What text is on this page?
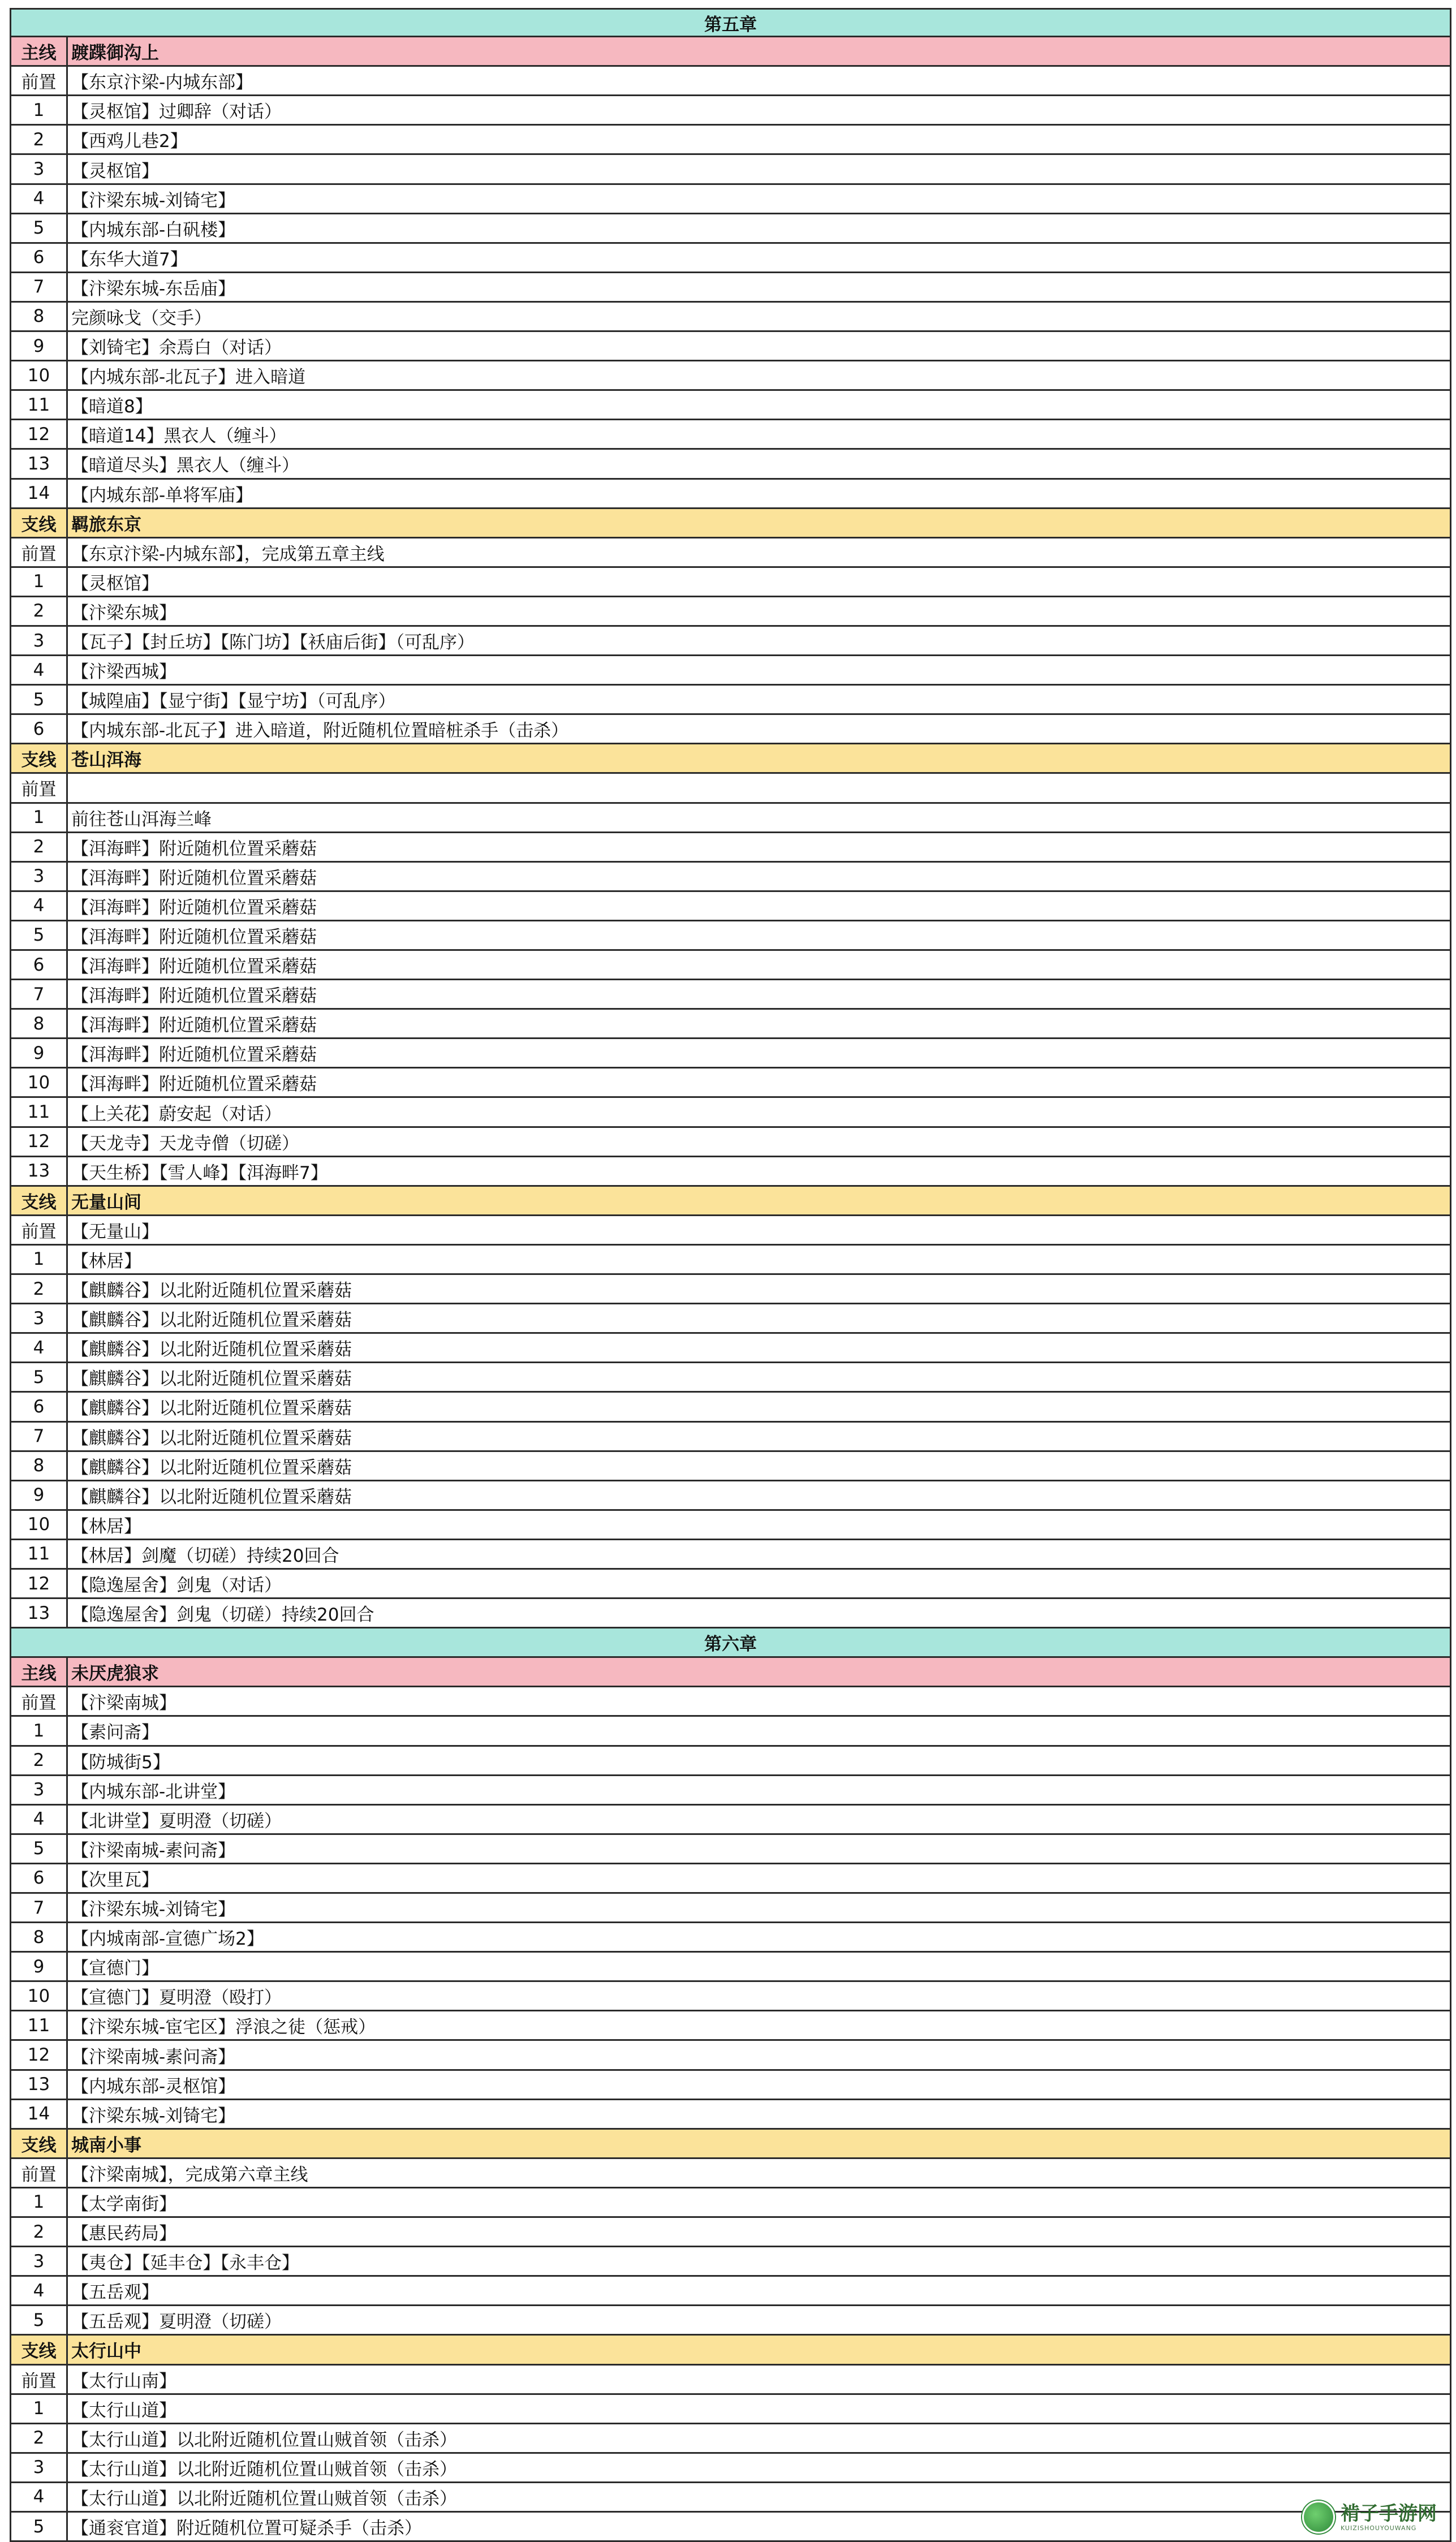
第五章
主线 踱蹀御沟上
前置 【东京汴梁-内城东部】
1	【灵枢馆】过卿辞（对话）
2	【西鸡儿巷2】
3	【灵枢馆】
4	【汴梁东城-刘锜宅】
5	【内城东部-白矾楼】
6	【东华大道7】
7	【汴梁东城-东岳庙】
8	完颜咏戈（交手）
9	【刘锜宅】余焉白（对话）
10	【内城东部-北瓦子】进入暗道
11	【暗道8】
12	【暗道14】黑衣人（缠斗）
13	【暗道尽头】黑衣人（缠斗）
14	【内城东部-单将军庙】
支线 羁旅东京
前置 【东京汴梁-内城东部】，完成第五章主线
1	【灵枢馆】
2	【汴梁东城】
3	【瓦子】【封丘坊】【陈门坊】【袄庙后街】（可乱序）
4	【汴梁西城】
5	【城隍庙】【显宁街】【显宁坊】（可乱序）
6	【内城东部-北瓦子】进入暗道，附近随机位置暗桩杀手（击杀）
支线 苍山洱海
前置
1	前往苍山洱海兰峰
2	【洱海畔】附近随机位置采蘑菇
3	【洱海畔】附近随机位置采蘑菇
4	【洱海畔】附近随机位置采蘑菇
5	【洱海畔】附近随机位置采蘑菇
6	【洱海畔】附近随机位置采蘑菇
7	【洱海畔】附近随机位置采蘑菇
8	【洱海畔】附近随机位置采蘑菇
9	【洱海畔】附近随机位置采蘑菇
10	【洱海畔】附近随机位置采蘑菇
11	【上关花】蔚安起（对话）
12	【天龙寺】天龙寺僧（切磋）
13	【天生桥】【雪人峰】【洱海畔7】
支线 无量山间
前置 【无量山】
1	【林居】
2	【麒麟谷】以北附近随机位置采蘑菇
3	【麒麟谷】以北附近随机位置采蘑菇
4	【麒麟谷】以北附近随机位置采蘑菇
5	【麒麟谷】以北附近随机位置采蘑菇
6	【麒麟谷】以北附近随机位置采蘑菇
7	【麒麟谷】以北附近随机位置采蘑菇
8	【麒麟谷】以北附近随机位置采蘑菇
9	【麒麟谷】以北附近随机位置采蘑菇
10	【林居】
11	【林居】剑魔（切磋）持续20回合
12	【隐逸屋舍】剑鬼（对话）
13	【隐逸屋舍】剑鬼（切磋）持续20回合
第六章
主线 未厌虎狼求
前置 【汴梁南城】
1	【素问斋】
2	【防城街5】
3	【内城东部-北讲堂】
4	【北讲堂】夏明澄（切磋）
5	【汴梁南城-素问斋】
6	【次里瓦】
7	【汴梁东城-刘锜宅】
8	【内城南部-宣德广场2】
9	【宣德门】
10	【宣德门】夏明澄（殴打）
11	【汴梁东城-宦宅区】浮浪之徒（惩戒）
12	【汴梁南城-素问斋】
13	【内城东部-灵枢馆】
14	【汴梁东城-刘锜宅】
支线 城南小事
前置 【汴梁南城】，完成第六章主线
1	【太学南街】
2	【惠民药局】
3	【夷仓】【延丰仓】【永丰仓】
4	【五岳观】
5	【五岳观】夏明澄（切磋）
支线 太行山中
前置 【太行山南】
1	【太行山道】
2	【太行山道】以北附近随机位置山贼首领（击杀）
3	【太行山道】以北附近随机位置山贼首领（击杀）
4	【太行山道】以北附近随机位置山贼首领（击杀）
5	【通衮官道】附近随机位置可疑杀手（击杀）
褃子手游网
KUIZISHOUYOUWANG
